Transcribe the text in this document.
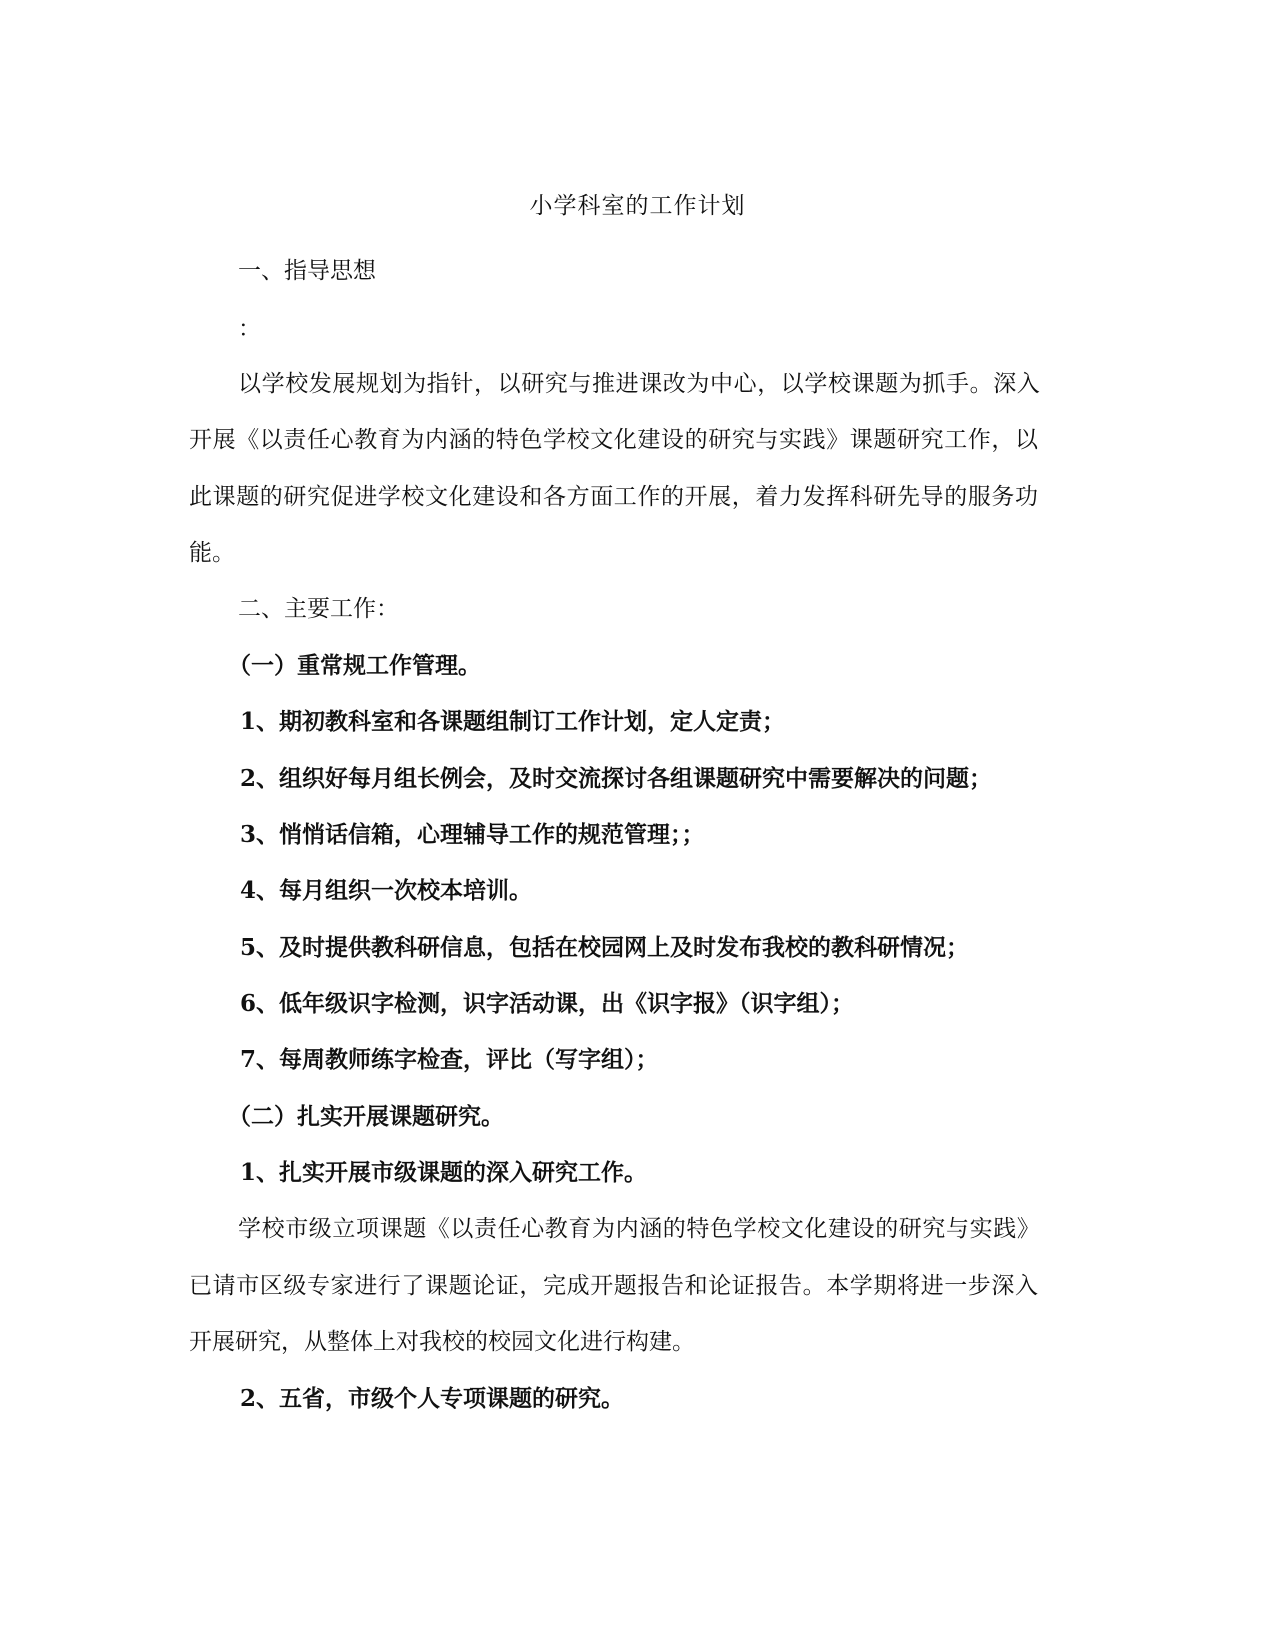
小学科室的工作计划
一、指导思想
：
以学校发展规划为指针，以研究与推进课改为中心，以学校课题为抓手。深入
开展《以责任心教育为内涵的特色学校文化建设的研究与实践》课题研究工作，以
此课题的研究促进学校文化建设和各方面工作的开展，着力发挥科研先导的服务功
能。
二、主要工作：
（一）重常规工作管理。
1、期初教科室和各课题组制订工作计划，定人定责；
2、组织好每月组长例会，及时交流探讨各组课题研究中需要解决的问题；
3、悄悄话信箱，心理辅导工作的规范管理；；
4、每月组织一次校本培训。
5、及时提供教科研信息，包括在校园网上及时发布我校的教科研情况；
6、低年级识字检测，识字活动课，出《识字报》（识字组）；
7、每周教师练字检查，评比（写字组）；
（二）扎实开展课题研究。
1、扎实开展市级课题的深入研究工作。
学校市级立项课题《以责任心教育为内涵的特色学校文化建设的研究与实践》
已请市区级专家进行了课题论证，完成开题报告和论证报告。本学期将进一步深入
开展研究，从整体上对我校的校园文化进行构建。
2、五省，市级个人专项课题的研究。
